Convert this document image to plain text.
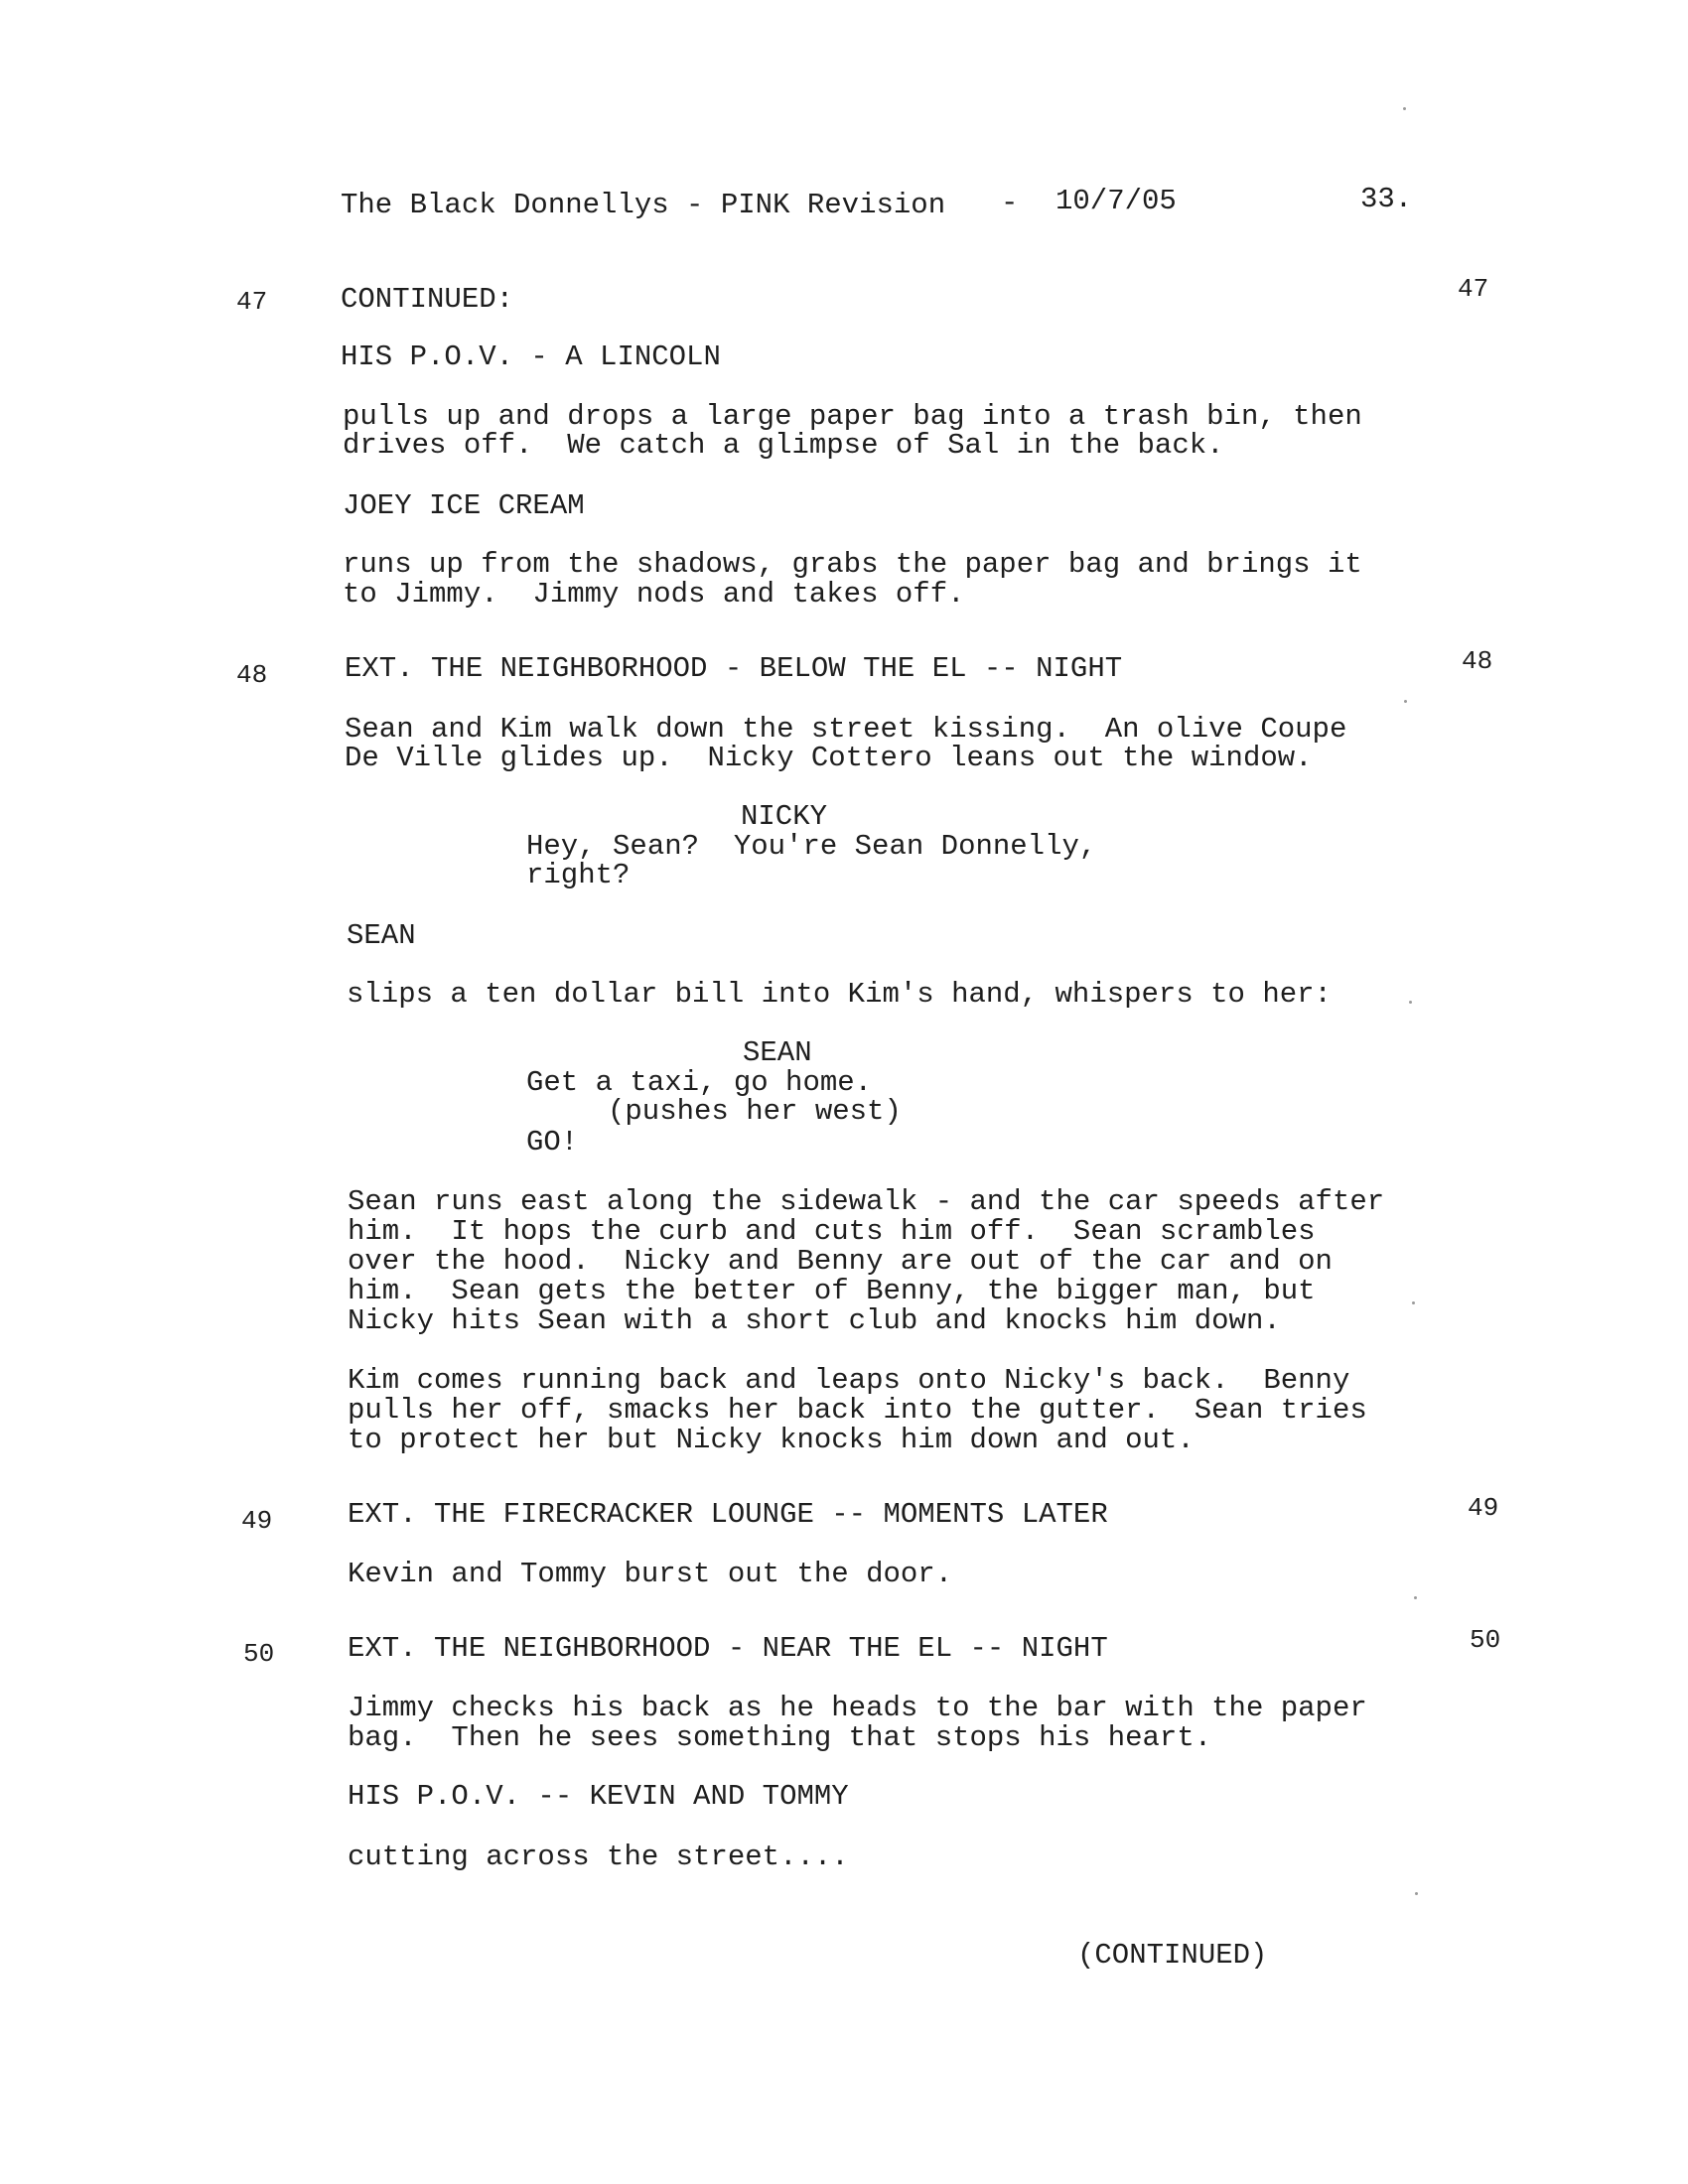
The Black Donnellys - PINK Revision - 10/7/05	33.
47	CONTINUED:	47
HIS P.O.V. - A LINCOLN
pulls up and drops a large paper bag into a trash bin, then
drives off.  We catch a glimpse of Sal in the back.
JOEY ICE CREAM
runs up from the shadows, grabs the paper bag and brings it
to Jimmy.  Jimmy nods and takes off.
48	EXT. THE NEIGHBORHOOD - BELOW THE EL -- NIGHT	48
Sean and Kim walk down the street kissing.  An olive Coupe
De Ville glides up.  Nicky Cottero leans out the window.
NICKY
Hey, Sean?  You're Sean Donnelly,
right?
SEAN
slips a ten dollar bill into Kim's hand, whispers to her:
SEAN
Get a taxi, go home.
(pushes her west)
GO!
Sean runs east along the sidewalk - and the car speeds after
him.  It hops the curb and cuts him off.  Sean scrambles
over the hood.  Nicky and Benny are out of the car and on
him.  Sean gets the better of Benny, the bigger man, but
Nicky hits Sean with a short club and knocks him down.
Kim comes running back and leaps onto Nicky's back.  Benny
pulls her off, smacks her back into the gutter.  Sean tries
to protect her but Nicky knocks him down and out.
49	EXT. THE FIRECRACKER LOUNGE -- MOMENTS LATER	49
Kevin and Tommy burst out the door.
50	EXT. THE NEIGHBORHOOD - NEAR THE EL -- NIGHT	50
Jimmy checks his back as he heads to the bar with the paper
bag.  Then he sees something that stops his heart.
HIS P.O.V. -- KEVIN AND TOMMY
cutting across the street....
(CONTINUED)
